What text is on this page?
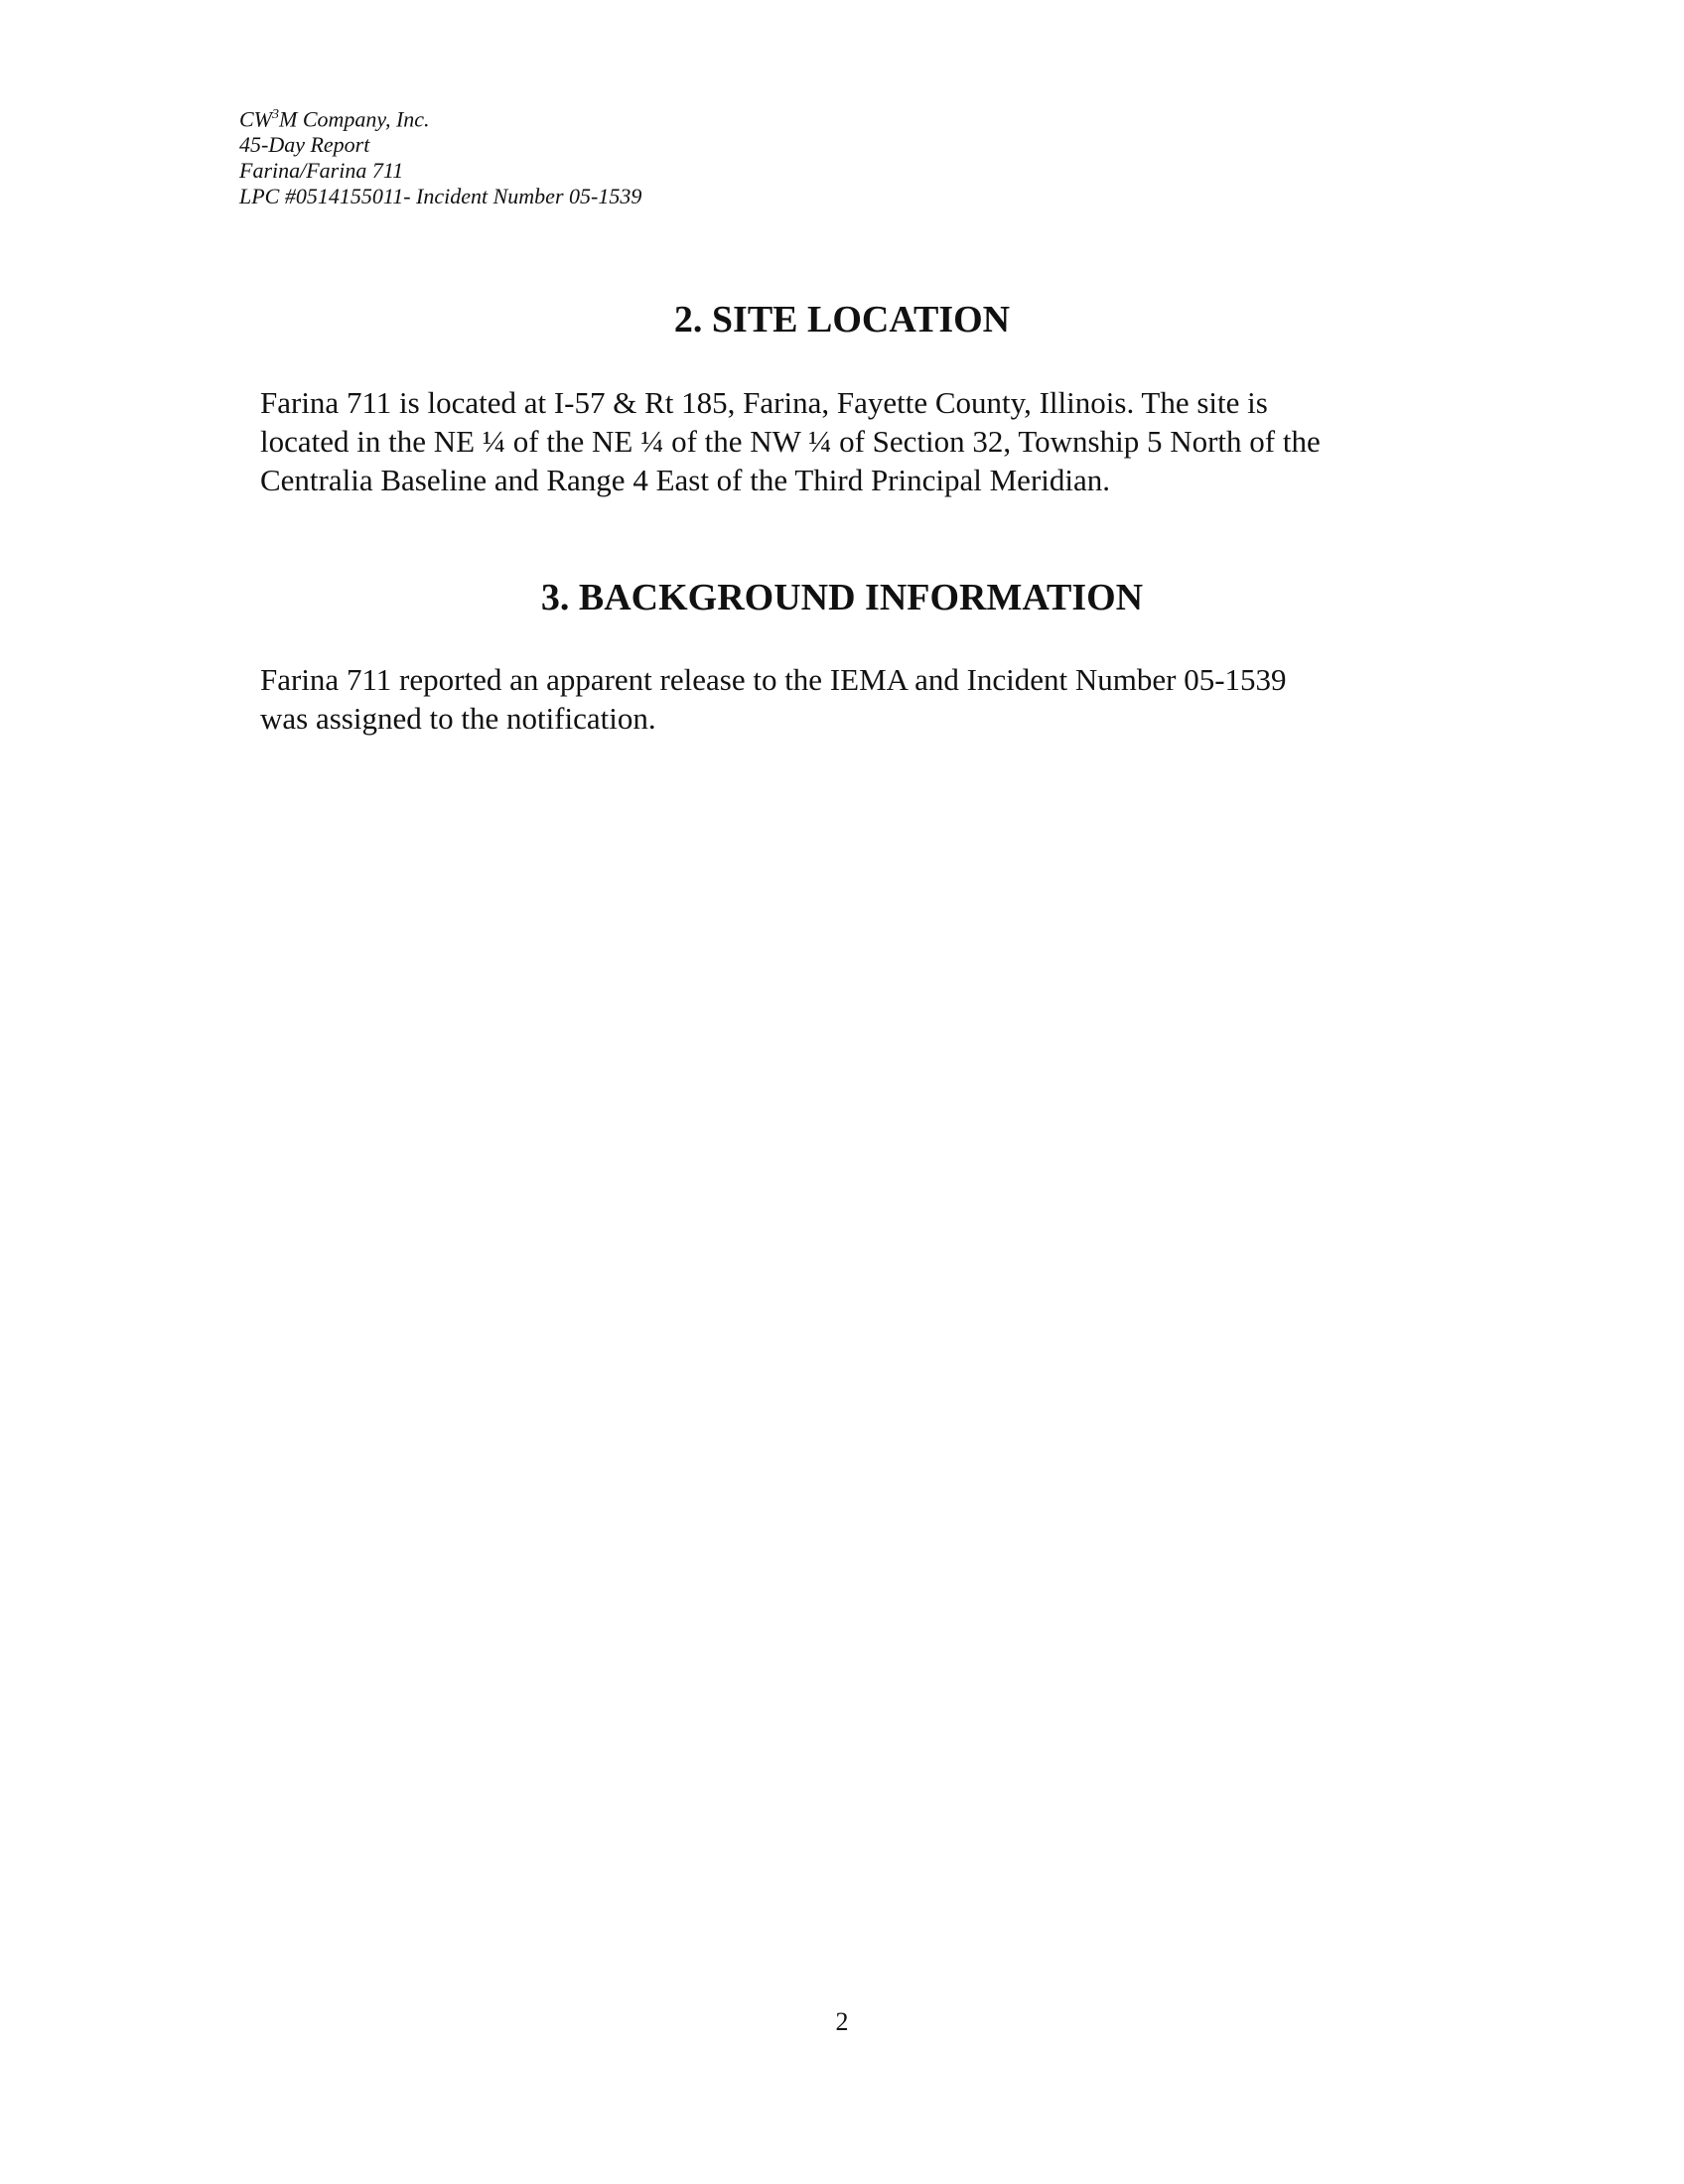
$CW^3M$ Company, Inc.
45-Day Report
Farina/Farina 711
LPC #0514155011- Incident Number 05-1539
2. SITE LOCATION
Farina 711 is located at I-57 & Rt 185, Farina, Fayette County, Illinois. The site is
located in the NE ¼ of the NE ¼ of the NW ¼ of Section 32, Township 5 North of the
Centralia Baseline and Range 4 East of the Third Principal Meridian.
3. BACKGROUND INFORMATION
Farina 711 reported an apparent release to the IEMA and Incident Number 05-1539
was assigned to the notification.
2
